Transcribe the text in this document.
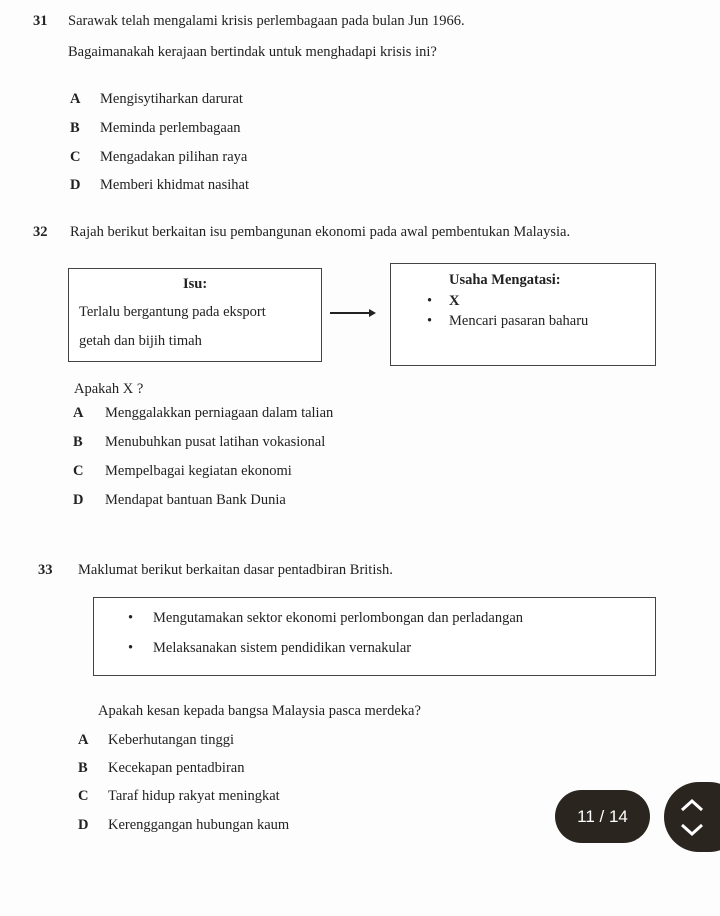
31 Sarawak telah mengalami krisis perlembagaan pada bulan Jun 1966.
Bagaimanakah kerajaan bertindak untuk menghadapi krisis ini?
A Mengisytiharkan darurat
B Meminda perlembagaan
C Mengadakan pilihan raya
D Memberi khidmat nasihat
32 Rajah berikut berkaitan isu pembangunan ekonomi pada awal pembentukan Malaysia.
Isu:
Terlalu bergantung pada eksport
getah dan bijih timah
Usaha Mengatasi:
• X
• Mencari pasaran baharu
Apakah X ?
A Menggalakkan perniagaan dalam talian
B Menubuhkan pusat latihan vokasional
C Mempelbagai kegiatan ekonomi
D Mendapat bantuan Bank Dunia
33 Maklumat berikut berkaitan dasar pentadbiran British.
• Mengutamakan sektor ekonomi perlombongan dan perladangan
• Melaksanakan sistem pendidikan vernakular
Apakah kesan kepada bangsa Malaysia pasca merdeka?
A Keberhutangan tinggi
B Kecekapan pentadbiran
C Taraf hidup rakyat meningkat
D Kerenggangan hubungan kaum	11 / 14
